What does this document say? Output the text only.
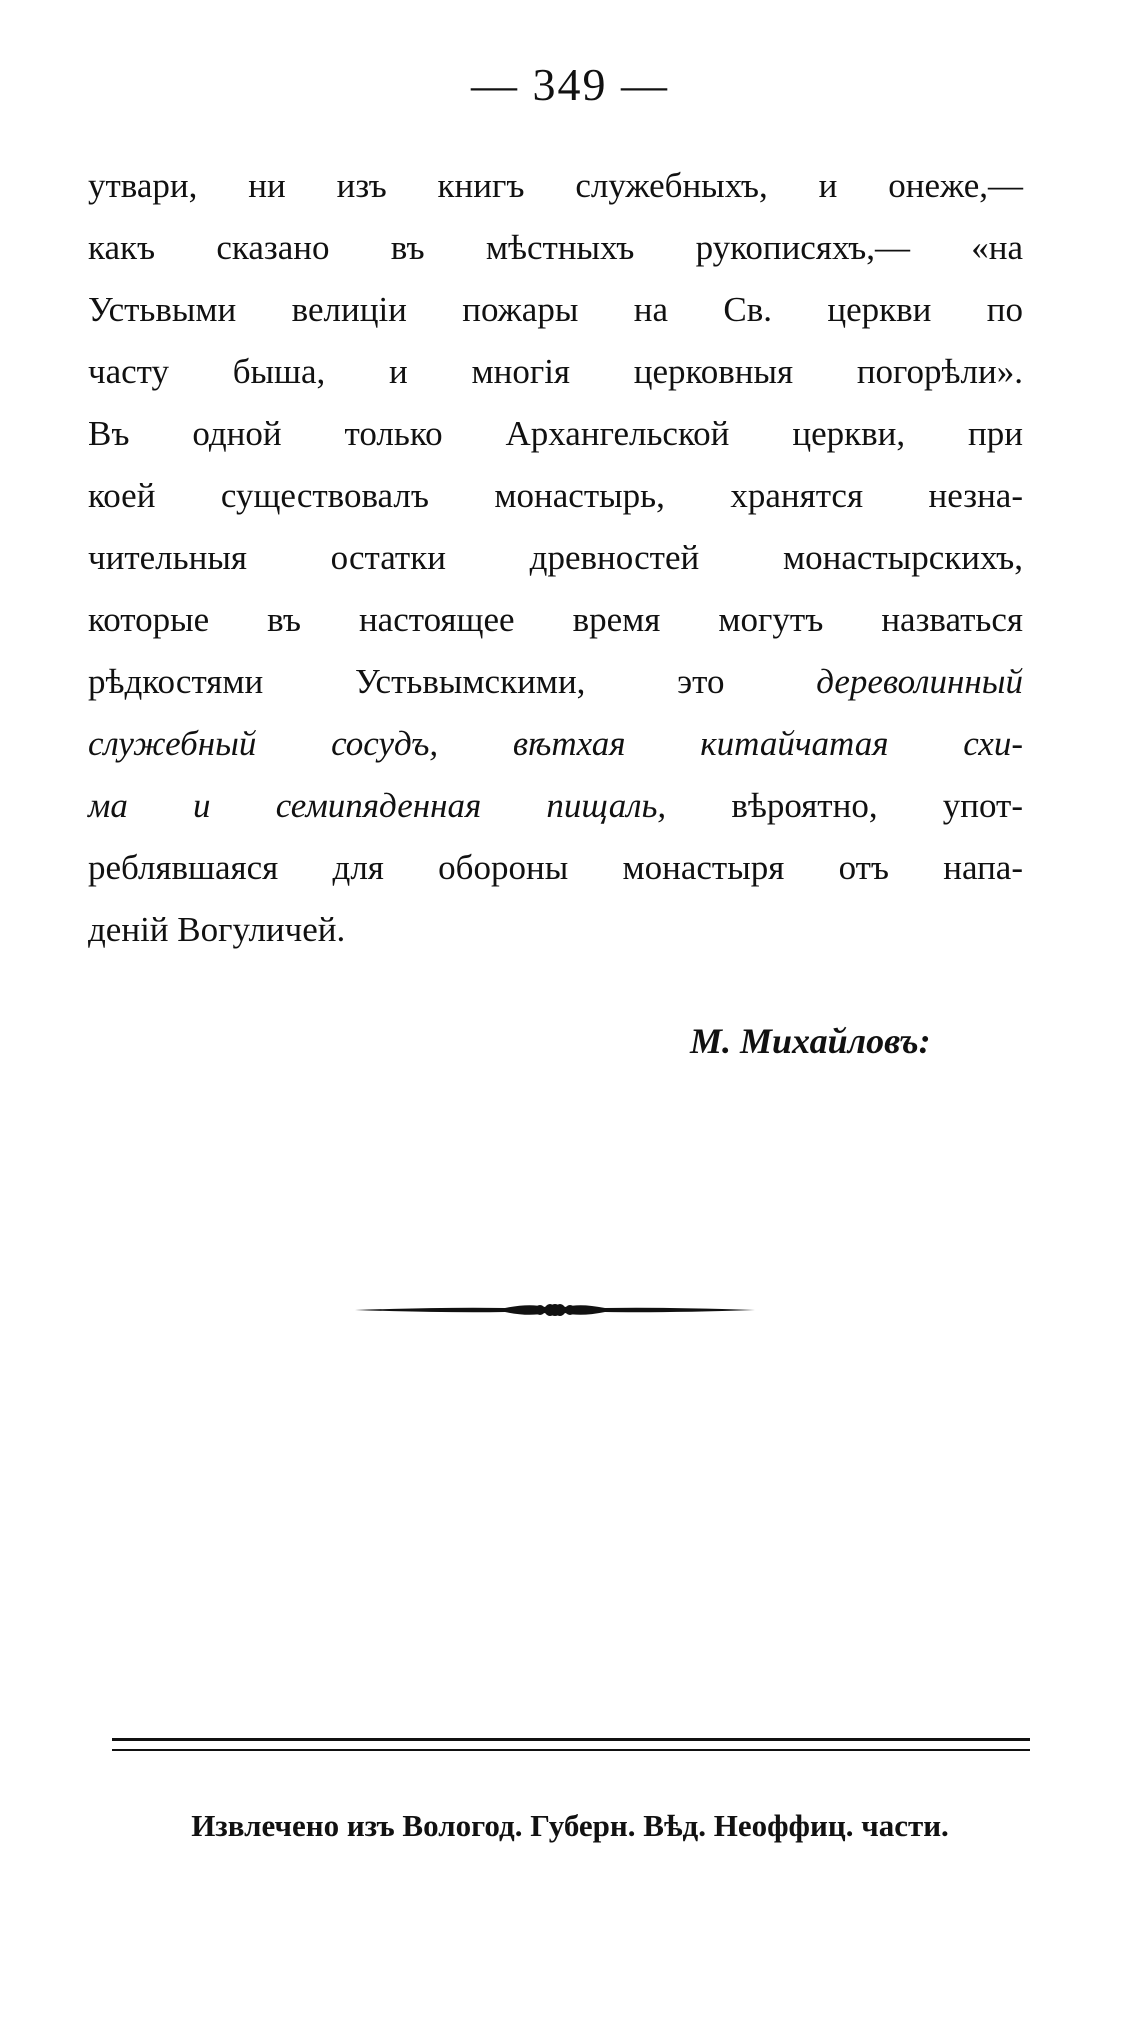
— 349 —
утвари, ни изъ книгъ служебныхъ, и онеже,—
какъ сказано въ мѣстныхъ рукописяхъ,— «на
Устьвыми велицiи пожары на Св. церкви по
часту быша, и многiя церковныя погорѣли».
Въ одной только Архангельской церкви, при
коей существовалъ монастырь, хранятся незна-
чительныя остатки древностей монастырскихъ,
которые въ настоящее время могутъ назваться
рѣдкостями Устьвымскими, это	дереволинный
служебный сосудъ, вѣтхая китайчатая схи-
ма и семипяденная пищаль, вѣроятно, упот-
реблявшаяся для обороны монастыря отъ напа-
денiй Вогуличей.
М. Михайловъ:
Извлечено изъ Вологод. Губерн. Вѣд. Неоффиц. части.
